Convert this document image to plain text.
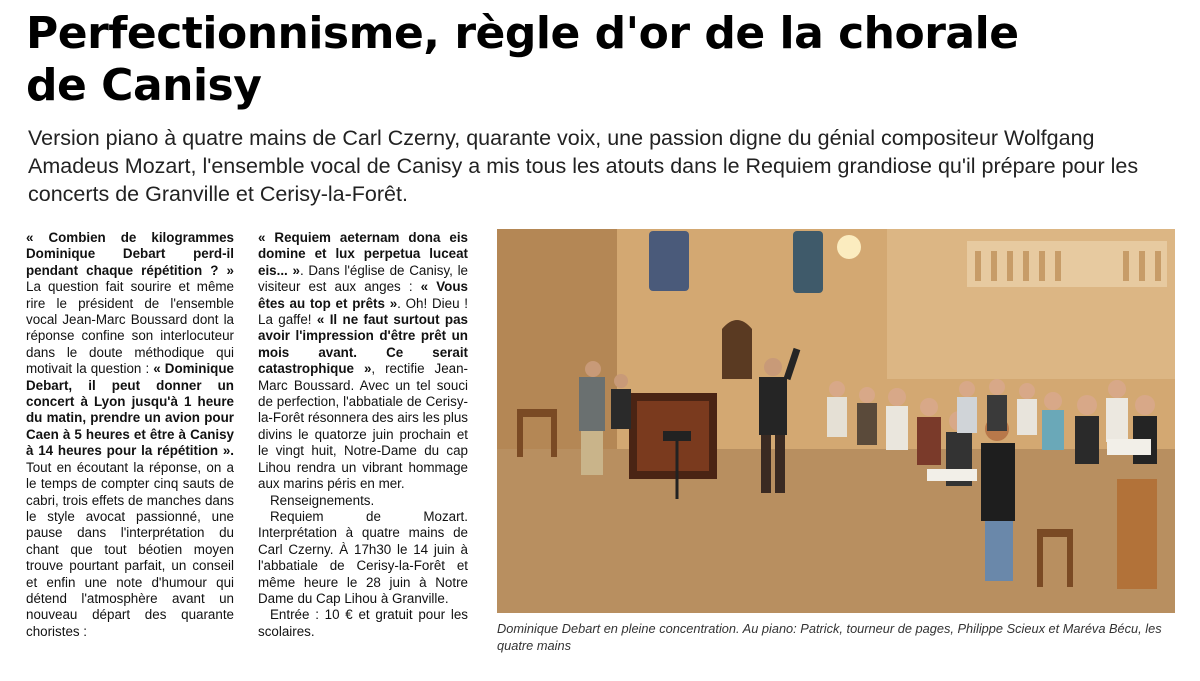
Perfectionnisme, règle d'or de la chorale
de Canisy

Version piano à quatre mains de Carl Czerny, quarante voix, une passion digne du génial compositeur Wolfgang Amadeus Mozart, l'ensemble vocal de Canisy a mis tous les atouts dans le Requiem grandiose qu'il prépare pour les concerts de Granville et Cerisy-la-Forêt.

« Combien de kilogrammes Dominique Debart perd-il pendant chaque répétition ? » La question fait sourire et même rire le président de l'ensemble vocal Jean-Marc Boussard dont la réponse confine son interlocuteur dans le doute méthodique qui motivait la question : « Dominique Debart, il peut donner un concert à Lyon jusqu'à 1 heure du matin, prendre un avion pour Caen à 5 heures et être à Canisy à 14 heures pour la répétition ». Tout en écoutant la réponse, on a le temps de compter cinq sauts de cabri, trois effets de manches dans le style avocat passionné, une pause dans l'interprétation du chant que tout béotien moyen trouve pourtant parfait, un conseil et enfin une note d'humour qui détend l'atmosphère avant un nouveau départ des quarante choristes :

« Requiem aeternam dona eis domine et lux perpetua luceat eis... ». Dans l'église de Canisy, le visiteur est aux anges : « Vous êtes au top et prêts ». Oh! Dieu ! La gaffe! « Il ne faut surtout pas avoir l'impression d'être prêt un mois avant. Ce serait catastrophique », rectifie Jean-Marc Boussard. Avec un tel souci de perfection, l'abbatiale de Cerisy-la-Forêt résonnera des airs les plus divins le quatorze juin prochain et le vingt huit, Notre-Dame du cap Lihou rendra un vibrant hommage aux marins péris en mer.

Renseignements.

Requiem de Mozart. Interprétation à quatre mains de Carl Czerny. À 17h30 le 14 juin à l'abbatiale de Cerisy-la-Forêt et même heure le 28 juin à Notre Dame du Cap Lihou à Granville.

Entrée : 10 € et gratuit pour les scolaires.	Dominique Debart en pleine concentration. Au piano: Patrick, tourneur de pages, Philippe Scieux et Maréva Bécu, les quatre mains
